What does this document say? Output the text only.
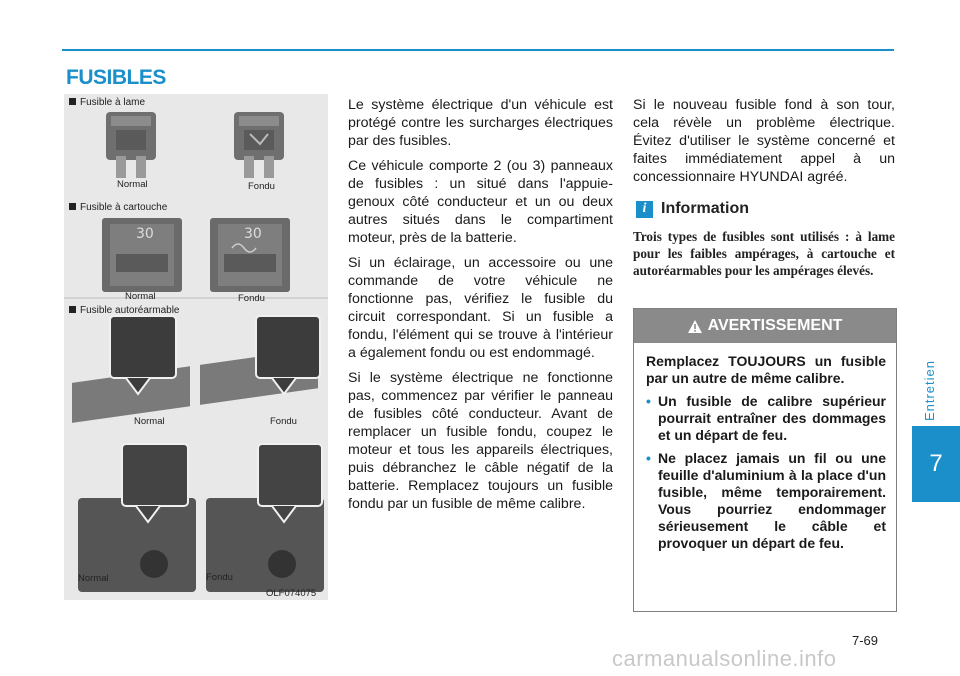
FUSIBLES
Entretien
7
30	30
Fusible à lame
Normal	Fondu
Fusible à cartouche
Normal	Fondu
Fusible autoréarmable
Normal	Fondu
Normal	Fondu
OLF074075

Le système électrique d'un véhicule est protégé contre les surcharges électriques par des fusibles.

Ce véhicule comporte 2 (ou 3) panneaux de fusibles : un situé dans l'appuie-genoux côté conducteur et un ou deux autres situés dans le compartiment moteur, près de la batterie.

Si un éclairage, un accessoire ou une commande de votre véhicule ne fonctionne pas, vérifiez le fusible du circuit correspondant. Si un fusible a fondu, l'élément qui se trouve à l'intérieur a également fondu ou est endommagé.

Si le système électrique ne fonctionne pas, commencez par vérifier le panneau de fusibles côté conducteur. Avant de remplacer un fusible fondu, coupez le moteur et tous les appareils électriques, puis débranchez le câble négatif de la batterie. Remplacez toujours un fusible fondu par un fusible de même calibre.

Si le nouveau fusible fond à son tour, cela révèle un problème électrique. Évitez d'utiliser le système concerné et faites immédiatement appel à un concessionnaire HYUNDAI agréé.
i Information
Trois types de fusibles sont utilisés : à lame pour les faibles ampérages, à cartouche et autoréarmables pour les ampérages élevés.
AVERTISSEMENT

Remplacez TOUJOURS un fusible par un autre de même calibre.

• Un fusible de calibre supérieur pourrait entraîner des dommages et un départ de feu.
• Ne placez jamais un fil ou une feuille d'aluminium à la place d'un fusible, même temporairement. Vous pourriez endommager sérieusement le câble et provoquer un départ de feu.
7-69
carmanualsonline.info
